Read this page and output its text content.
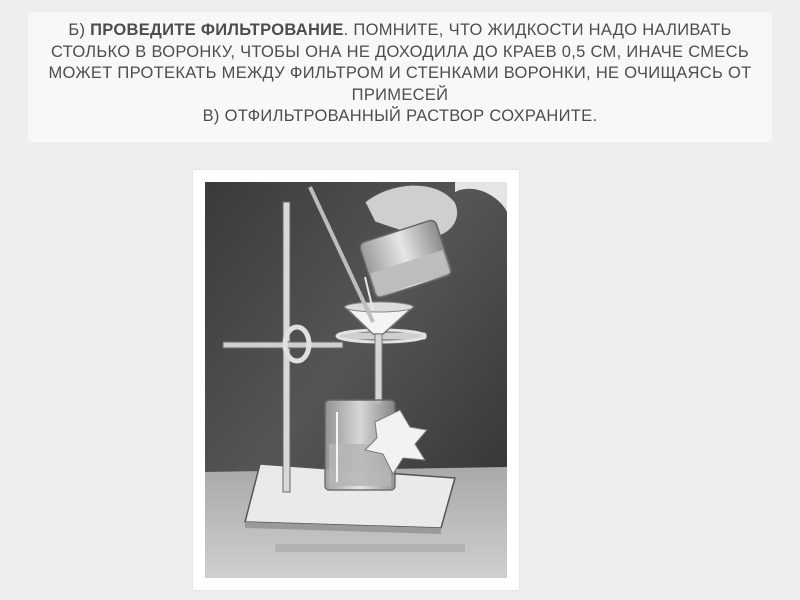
Б) ПРОВЕДИТЕ ФИЛЬТРОВАНИЕ. ПОМНИТЕ, ЧТО ЖИДКОСТИ НАДО НАЛИВАТЬ СТОЛЬКО В ВОРОНКУ, ЧТОБЫ ОНА НЕ ДОХОДИЛА ДО КРАЕВ 0,5 СМ, ИНАЧЕ СМЕСЬ МОЖЕТ ПРОТЕКАТЬ МЕЖДУ ФИЛЬТРОМ И СТЕНКАМИ ВОРОНКИ, НЕ ОЧИЩАЯСЬ ОТ ПРИМЕСЕЙ
В) ОТФИЛЬТРОВАННЫЙ РАСТВОР СОХРАНИТЕ.
